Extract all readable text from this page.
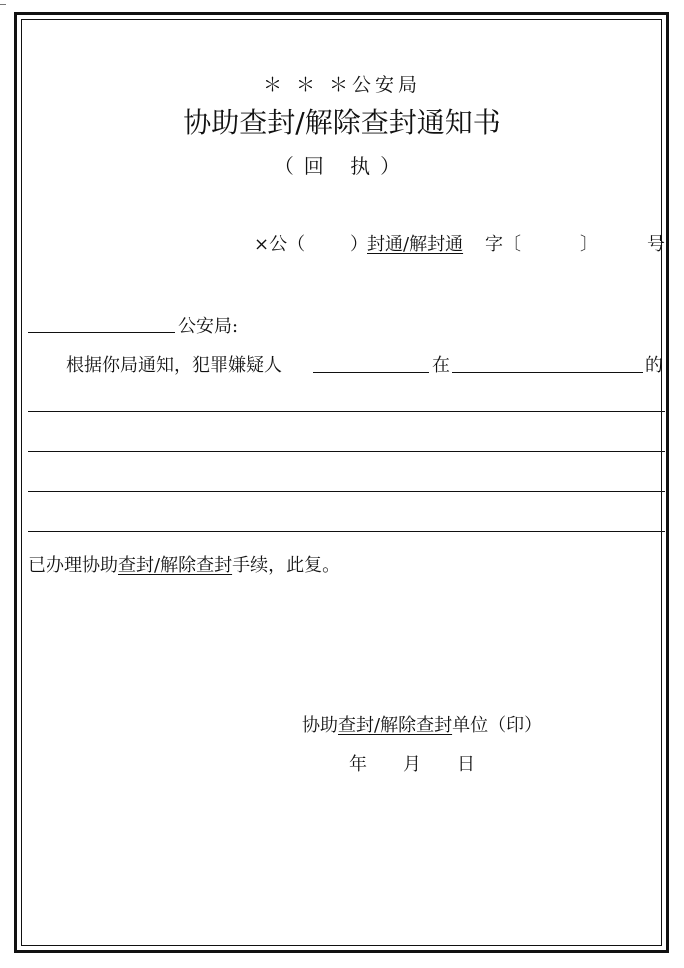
＊ ＊ ＊公安局
协助查封/解除查封通知书
（回 执）
×公（ ） 封通/解封通 字〔	〕	号
公安局:
根据你局通知，犯罪嫌疑人	在	的
已办理协助查封/解除查封手续，此复。
协助查封/解除查封单位（印）
年 月 日
